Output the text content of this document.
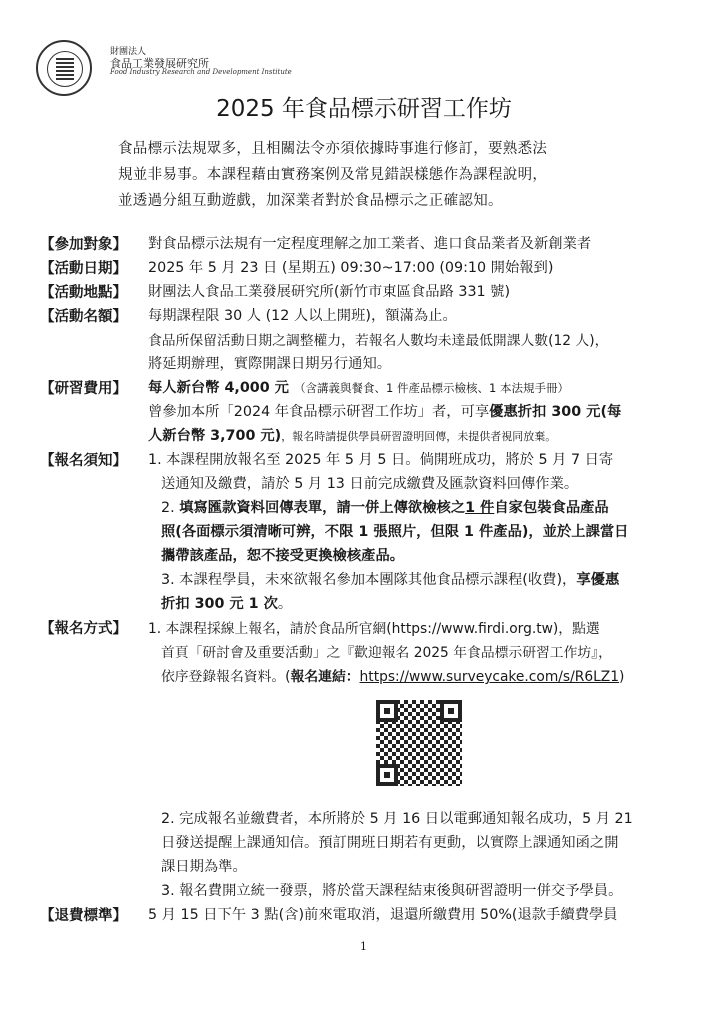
財團法人
食品工業發展研究所
Food Industry Research and Development Institute
2025 年食品標示研習工作坊
食品標示法規眾多，且相關法令亦須依據時事進行修訂，要熟悉法
規並非易事。本課程藉由實務案例及常見錯誤樣態作為課程說明，
並透過分組互動遊戲，加深業者對於食品標示之正確認知。
【參加對象】 對食品標示法規有一定程度理解之加工業者、進口食品業者及新創業者
【活動日期】 2025 年 5 月 23 日 (星期五) 09:30~17:00 (09:10 開始報到)
【活動地點】 財團法人食品工業發展研究所(新竹市東區食品路 331 號)
【活動名額】 每期課程限 30 人 (12 人以上開班)，額滿為止。
食品所保留活動日期之調整權力，若報名人數均未達最低開課人數(12 人)，
將延期辦理，實際開課日期另行通知。
【研習費用】 每人新台幣 4,000 元 （含講義與餐食、1 件產品標示檢核、1 本法規手冊）
曾參加本所「2024 年食品標示研習工作坊」者，可享優惠折扣 300 元(每
人新台幣 3,700 元)，報名時請提供學員研習證明回傳，未提供者視同放棄。
【報名須知】 1. 本課程開放報名至 2025 年 5 月 5 日。倘開班成功，將於 5 月 7 日寄
送通知及繳費，請於 5 月 13 日前完成繳費及匯款資料回傳作業。
2. 填寫匯款資料回傳表單，請一併上傳欲檢核之1 件自家包裝食品產品
照(各面標示須清晰可辨，不限 1 張照片，但限 1 件產品)，並於上課當日
攜帶該產品，恕不接受更換檢核產品。
3. 本課程學員，未來欲報名參加本團隊其他食品標示課程(收費)，享優惠
折扣 300 元 1 次。
【報名方式】 1. 本課程採線上報名，請於食品所官網(https://www.firdi.org.tw)，點選
首頁「研討會及重要活動」之『歡迎報名 2025 年食品標示研習工作坊』，
依序登錄報名資料。(報名連結：https://www.surveycake.com/s/R6LZ1)
2. 完成報名並繳費者，本所將於 5 月 16 日以電郵通知報名成功，5 月 21
日發送提醒上課通知信。預訂開班日期若有更動，以實際上課通知函之開
課日期為準。
3. 報名費開立統一發票，將於當天課程結束後與研習證明一併交予學員。
【退費標準】 5 月 15 日下午 3 點(含)前來電取消，退還所繳費用 50%(退款手續費學員
1
